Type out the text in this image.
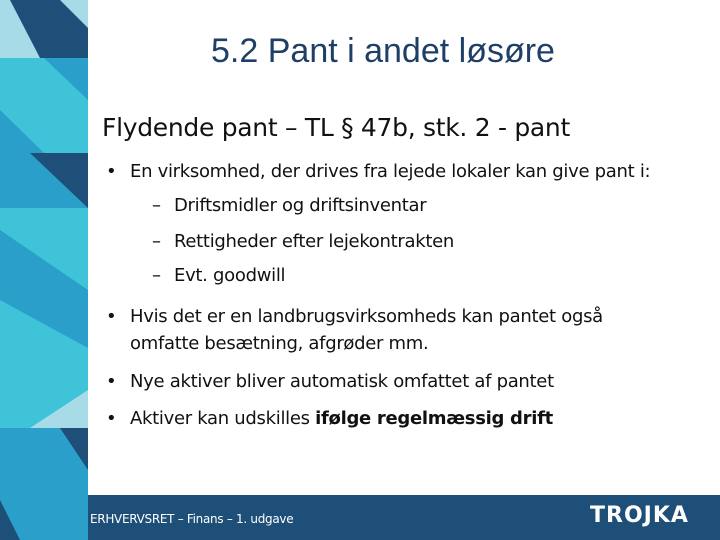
5.2 Pant i andet løsøre
Flydende pant – TL § 47b, stk. 2 - pant
• En virksomhed, der drives fra lejede lokaler kan give pant i:
– Driftsmidler og driftsinventar
– Rettigheder efter lejekontrakten
– Evt. goodwill
• Hvis det er en landbrugsvirksomheds kan pantet også omfatte besætning, afgrøder mm.
• Nye aktiver bliver automatisk omfattet af pantet
• Aktiver kan udskilles ifølge regelmæssig drift
ERHVERVSRET – Finans – 1. udgave	TROJKA
